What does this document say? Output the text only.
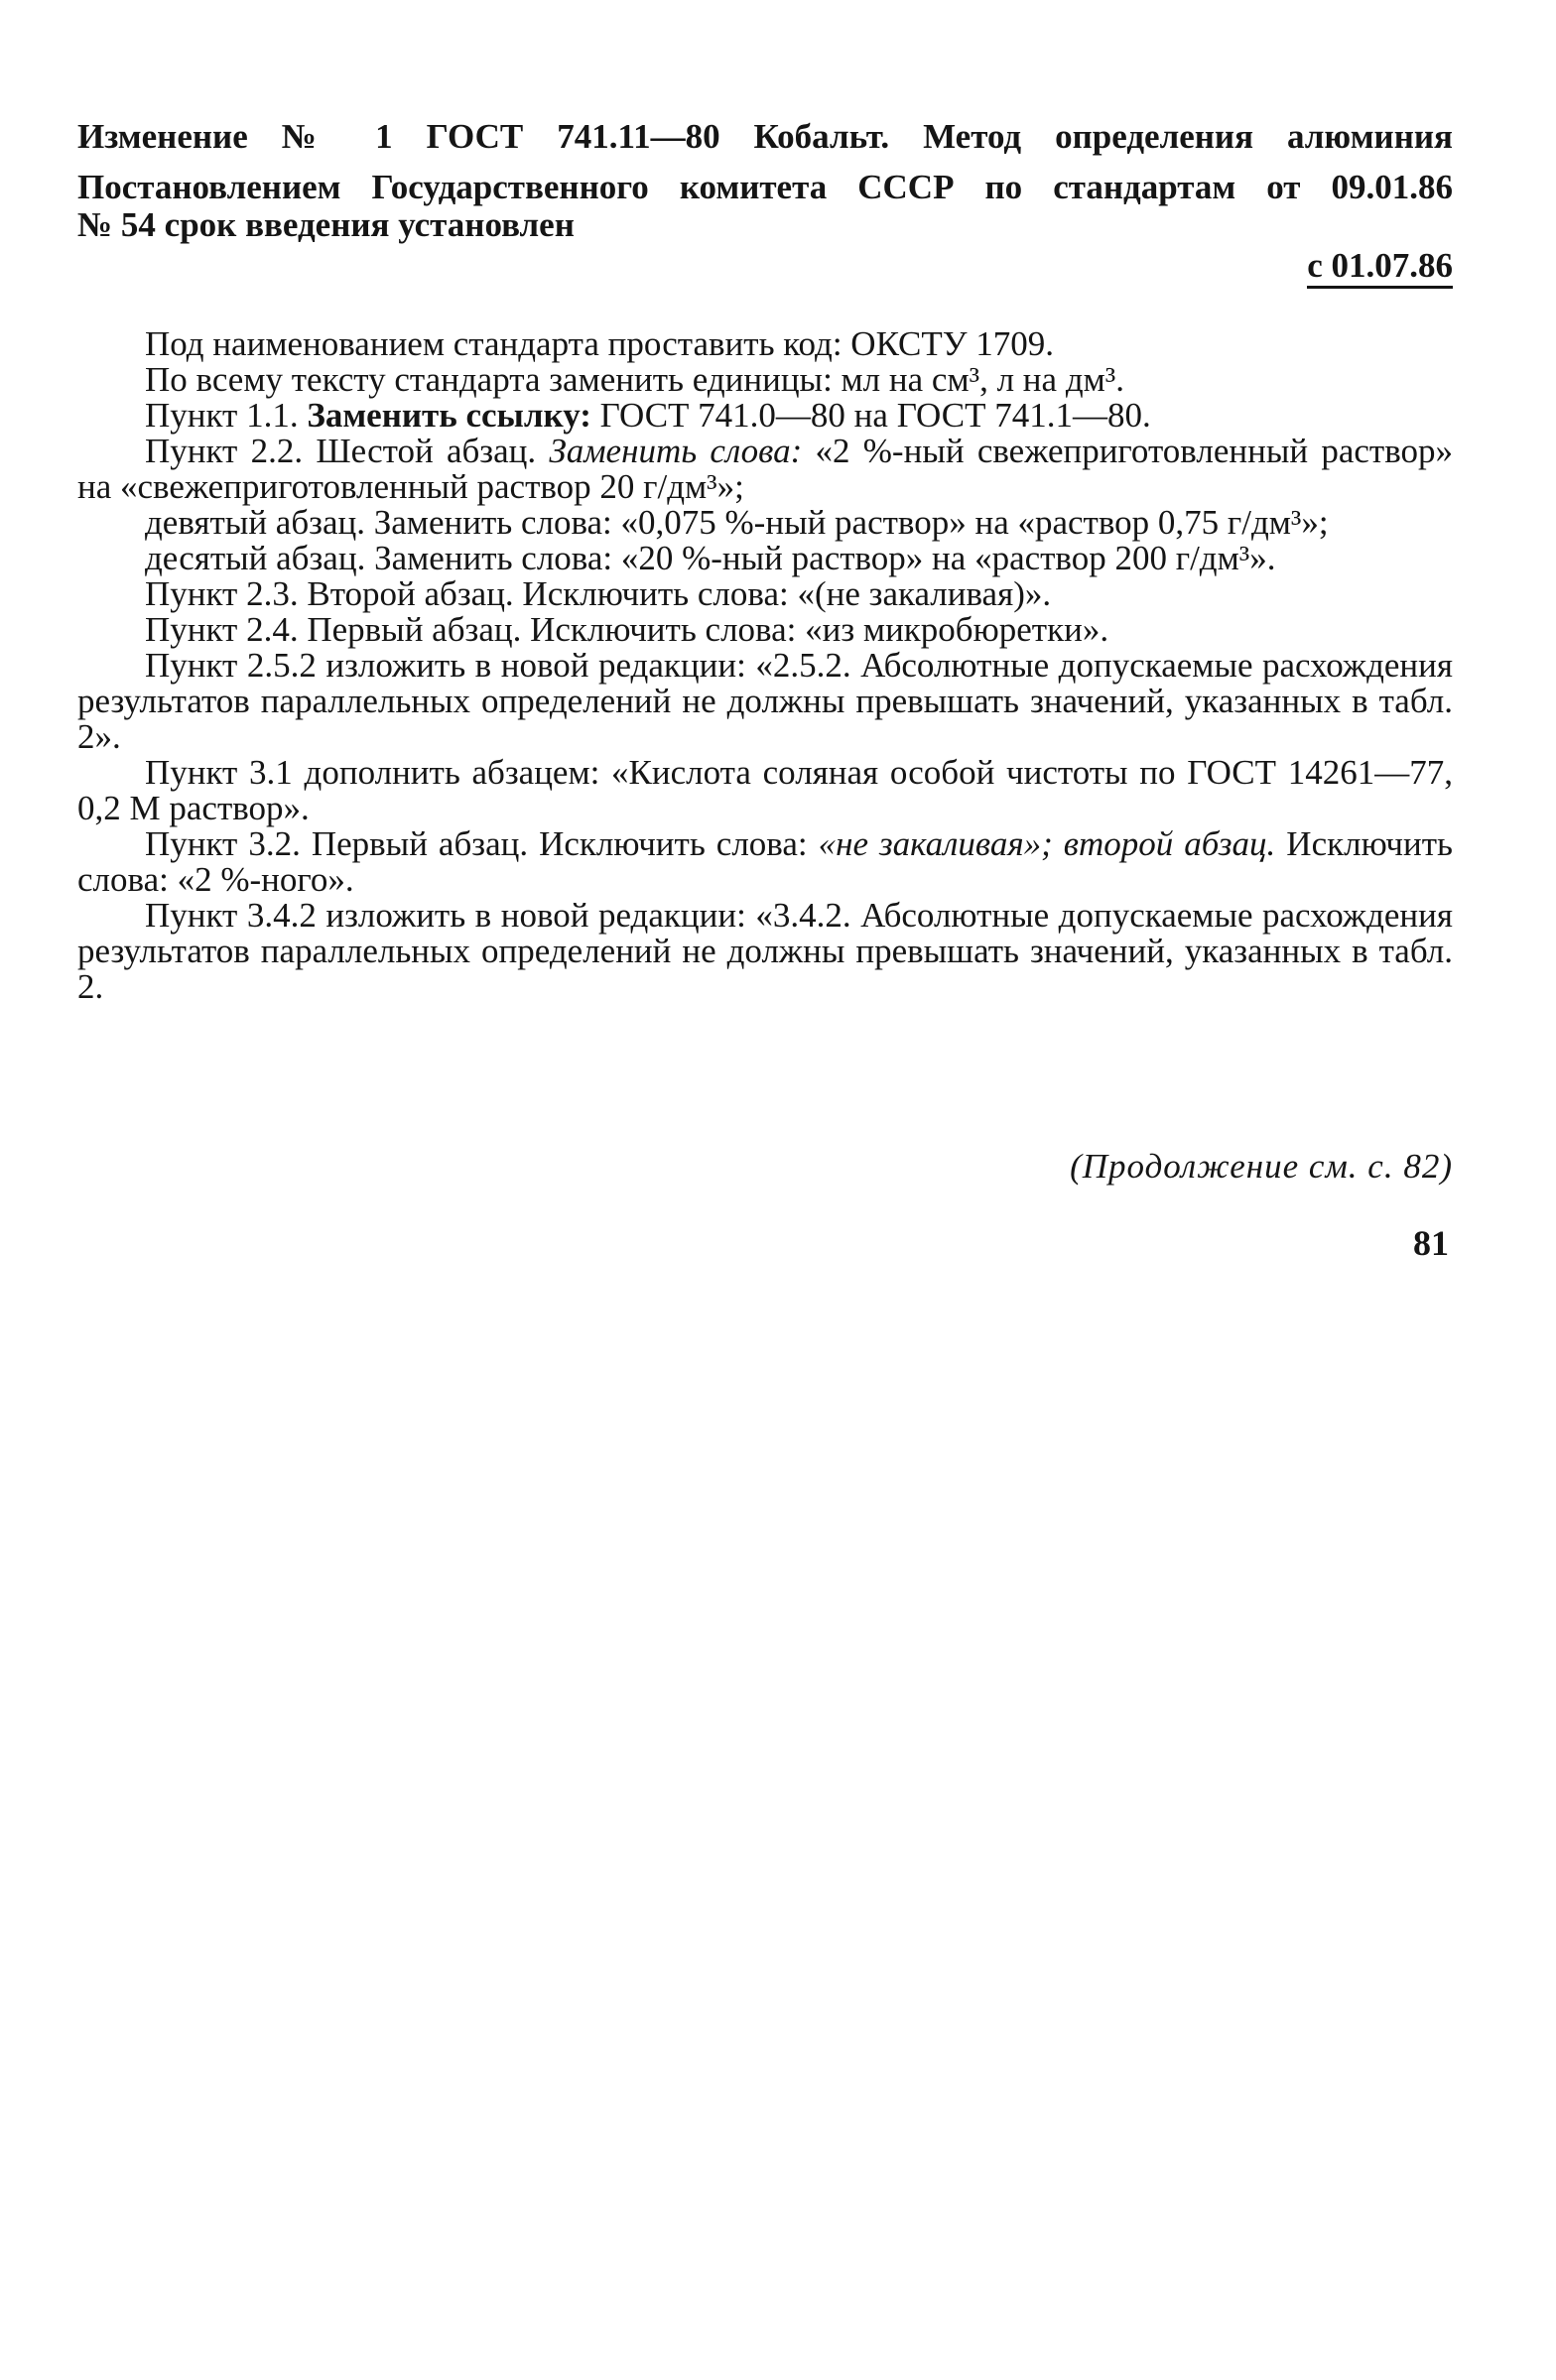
Изменение № 1 ГОСТ 741.11—80 Кобальт. Метод определения алюминия
Постановлением Государственного комитета СССР по стандартам от 09.01.86
№ 54 срок введения установлен
с 01.07.86

Под наименованием стандарта проставить код: ОКСТУ 1709.

По всему тексту стандарта заменить единицы: мл на см³, л на дм³.

Пункт 1.1. Заменить ссылку: ГОСТ 741.0—80 на ГОСТ 741.1—80.

Пункт 2.2. Шестой абзац. Заменить слова: «2 %-ный свежеприготовленный раствор» на «свежеприготовленный раствор 20 г/дм³»;

девятый абзац. Заменить слова: «0,075 %-ный раствор» на «раствор 0,75 г/дм³»;

десятый абзац. Заменить слова: «20 %-ный раствор» на «раствор 200 г/дм³».

Пункт 2.3. Второй абзац. Исключить слова: «(не закаливая)».

Пункт 2.4. Первый абзац. Исключить слова: «из микробюретки».

Пункт 2.5.2 изложить в новой редакции: «2.5.2. Абсолютные допускаемые расхождения результатов параллельных определений не должны превышать значений, указанных в табл. 2».

Пункт 3.1 дополнить абзацем: «Кислота соляная особой чистоты по ГОСТ 14261—77, 0,2 М раствор».

Пункт 3.2. Первый абзац. Исключить слова: «не закаливая»; второй абзац. Исключить слова: «2 %-ного».

Пункт 3.4.2 изложить в новой редакции: «3.4.2. Абсолютные допускаемые расхождения результатов параллельных определений не должны превышать значений, указанных в табл. 2.

(Продолжение см. с. 82)
81
